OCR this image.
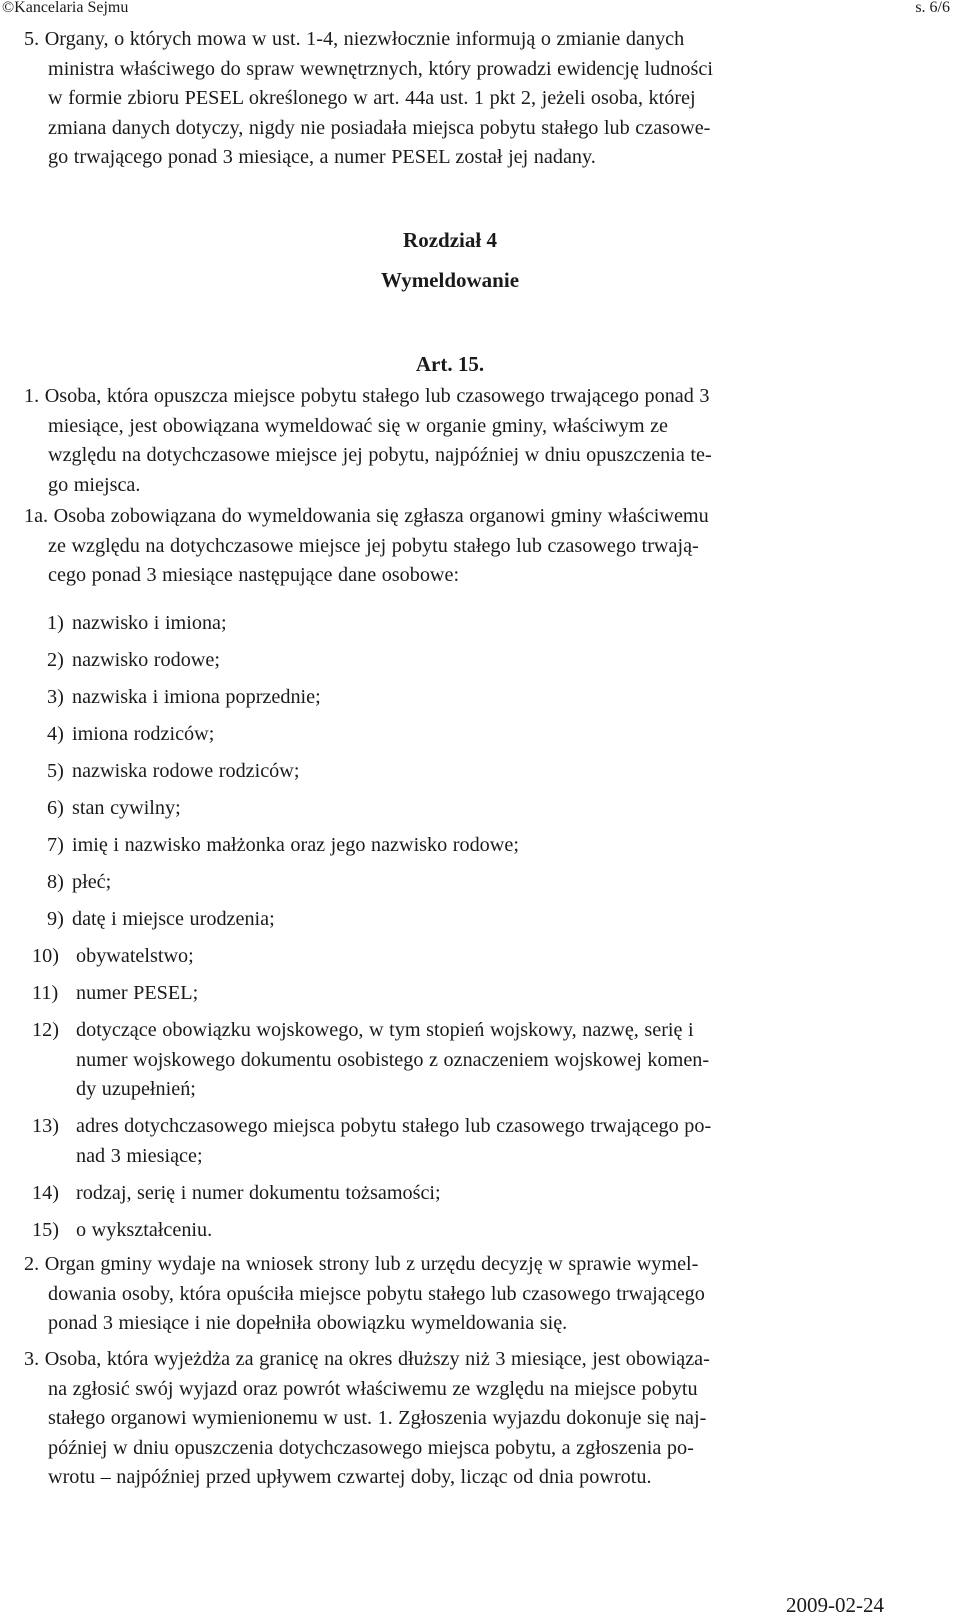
©Kancelaria Sejmu	s. 6/6
5. Organy, o których mowa w ust. 1-4, niezwłocznie informują o zmianie danych
ministra właściwego do spraw wewnętrznych, który prowadzi ewidencję ludności
w formie zbioru PESEL określonego w art. 44a ust. 1 pkt 2, jeżeli osoba, której
zmiana danych dotyczy, nigdy nie posiadała miejsca pobytu stałego lub czasowe-
go trwającego ponad 3 miesiące, a numer PESEL został jej nadany.
Rozdział 4
Wymeldowanie
Art. 15.
1. Osoba, która opuszcza miejsce pobytu stałego lub czasowego trwającego ponad 3
miesiące, jest obowiązana wymeldować się w organie gminy, właściwym ze
względu na dotychczasowe miejsce jej pobytu, najpóźniej w dniu opuszczenia te-
go miejsca.
1a. Osoba zobowiązana do wymeldowania się zgłasza organowi gminy właściwemu
ze względu na dotychczasowe miejsce jej pobytu stałego lub czasowego trwają-
cego ponad 3 miesiące następujące dane osobowe:
1) nazwisko i imiona;
2) nazwisko rodowe;
3) nazwiska i imiona poprzednie;
4) imiona rodziców;
5) nazwiska rodowe rodziców;
6) stan cywilny;
7) imię i nazwisko małżonka oraz jego nazwisko rodowe;
8) płeć;
9) datę i miejsce urodzenia;
10) obywatelstwo;
11) numer PESEL;
12) dotyczące obowiązku wojskowego, w tym stopień wojskowy, nazwę, serię i
numer wojskowego dokumentu osobistego z oznaczeniem wojskowej komen-
dy uzupełnień;
13) adres dotychczasowego miejsca pobytu stałego lub czasowego trwającego po-
nad 3 miesiące;
14) rodzaj, serię i numer dokumentu tożsamości;
15) o wykształceniu.
2. Organ gminy wydaje na wniosek strony lub z urzędu decyzję w sprawie wymel-
dowania osoby, która opuściła miejsce pobytu stałego lub czasowego trwającego
ponad 3 miesiące i nie dopełniła obowiązku wymeldowania się.
3. Osoba, która wyjeżdża za granicę na okres dłuższy niż 3 miesiące, jest obowiąza-
na zgłosić swój wyjazd oraz powrót właściwemu ze względu na miejsce pobytu
stałego organowi wymienionemu w ust. 1. Zgłoszenia wyjazdu dokonuje się naj-
później w dniu opuszczenia dotychczasowego miejsca pobytu, a zgłoszenia po-
wrotu – najpóźniej przed upływem czwartej doby, licząc od dnia powrotu.
2009-02-24
